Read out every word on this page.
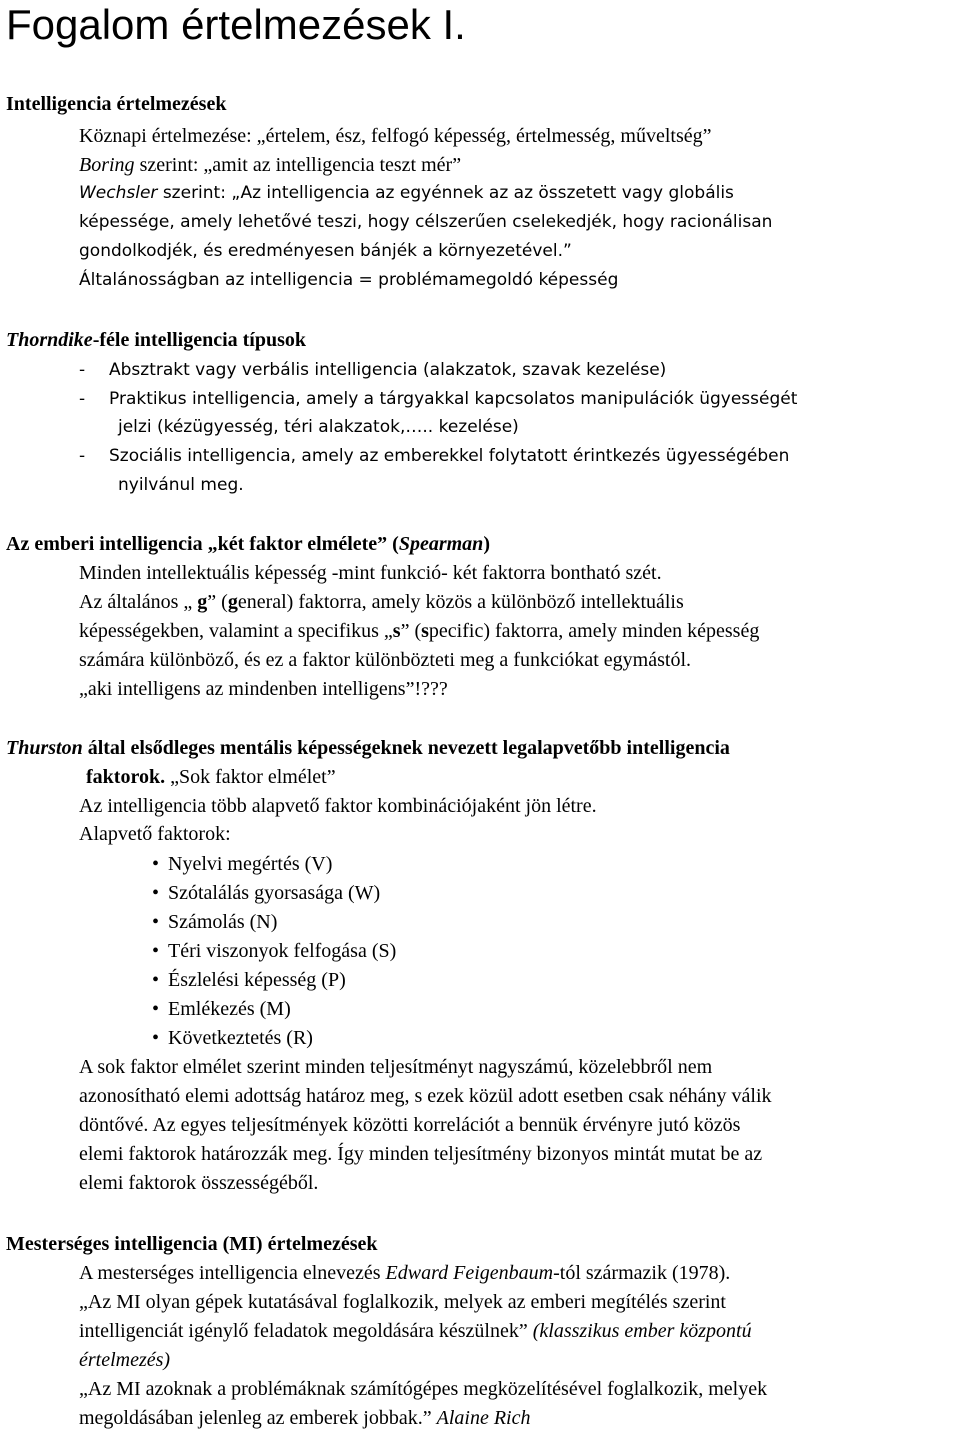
Fogalom értelmezések I.
Intelligencia értelmezések
Köznapi értelmezése: „értelem, ész, felfogó képesség, értelmesség, műveltség”
Boring szerint: „amit az intelligencia teszt mér”
Wechsler szerint: „Az intelligencia az egyénnek az az összetett vagy globális
képessége, amely lehetővé teszi, hogy célszerűen cselekedjék, hogy racionálisan
gondolkodjék, és eredményesen bánjék a környezetével.”
Általánosságban az intelligencia = problémamegoldó képesség
Thorndike-féle intelligencia típusok
- Absztrakt vagy verbális intelligencia (alakzatok, szavak kezelése)
- Praktikus intelligencia, amely a tárgyakkal kapcsolatos manipulációk ügyességét
jelzi (kézügyesség, téri alakzatok,….. kezelése)
- Szociális intelligencia, amely az emberekkel folytatott érintkezés ügyességében
nyilvánul meg.
Az emberi intelligencia „két faktor elmélete” (Spearman)
Minden intellektuális képesség -mint funkció- két faktorra bontható szét.
Az általános „ g” (general) faktorra, amely közös a különböző intellektuális
képességekben, valamint a specifikus „s” (specific) faktorra, amely minden képesség
számára különböző, és ez a faktor különbözteti meg a funkciókat egymástól.
„aki intelligens az mindenben intelligens”!???
Thurston által elsődleges mentális képességeknek nevezett legalapvetőbb intelligencia
faktorok. „Sok faktor elmélet”
Az intelligencia több alapvető faktor kombinációjaként jön létre.
Alapvető faktorok:
• Nyelvi megértés (V)
• Szótalálás gyorsasága (W)
• Számolás (N)
• Téri viszonyok felfogása (S)
• Észlelési képesség (P)
• Emlékezés (M)
• Következtetés (R)
A sok faktor elmélet szerint minden teljesítményt nagyszámú, közelebbről nem
azonosítható elemi adottság határoz meg, s ezek közül adott esetben csak néhány válik
döntővé. Az egyes teljesítmények közötti korrelációt a bennük érvényre jutó közös
elemi faktorok határozzák meg. Így minden teljesítmény bizonyos mintát mutat be az
elemi faktorok összességéből.
Mesterséges intelligencia (MI) értelmezések
A mesterséges intelligencia elnevezés Edward Feigenbaum-tól származik (1978).
„Az MI olyan gépek kutatásával foglalkozik, melyek az emberi megítélés szerint
intelligenciát igénylő feladatok megoldására készülnek” (klasszikus ember központú
értelmezés)
„Az MI azoknak a problémáknak számítógépes megközelítésével foglalkozik, melyek
megoldásában jelenleg az emberek jobbak.” Alaine Rich
